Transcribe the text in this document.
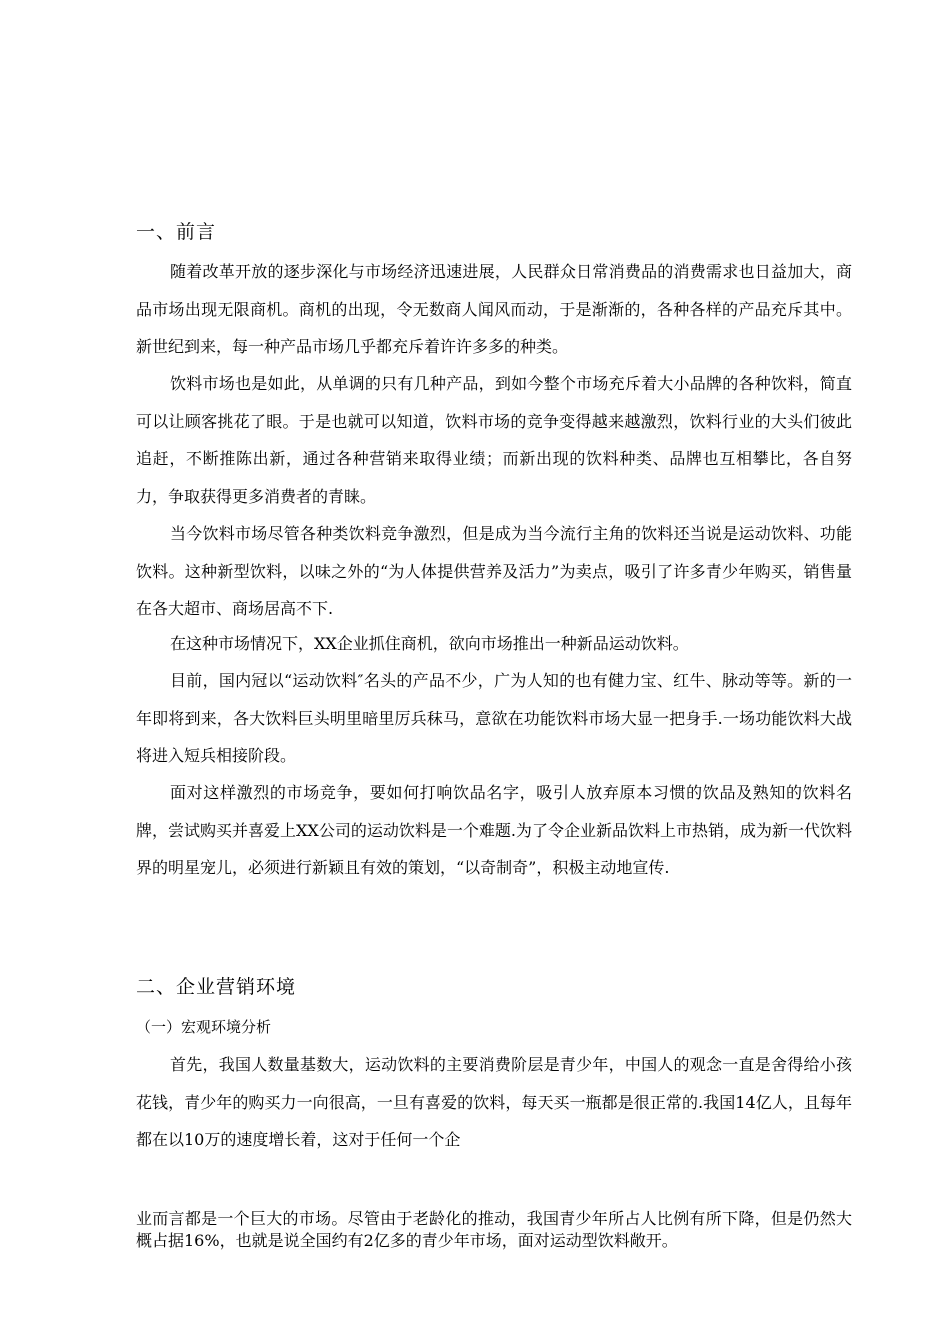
一、前言

随着改革开放的逐步深化与市场经济迅速进展，人民群众日常消费品的消费需求也日益加大，商品市场出现无限商机。商机的出现，令无数商人闻风而动，于是渐渐的，各种各样的产品充斥其中。新世纪到来，每一种产品市场几乎都充斥着许许多多的种类。

饮料市场也是如此，从单调的只有几种产品，到如今整个市场充斥着大小品牌的各种饮料，简直可以让顾客挑花了眼。于是也就可以知道，饮料市场的竞争变得越来越激烈，饮料行业的大头们彼此追赶，不断推陈出新，通过各种营销来取得业绩；而新出现的饮料种类、品牌也互相攀比，各自努力，争取获得更多消费者的青睐。

当今饮料市场尽管各种类饮料竞争激烈，但是成为当今流行主角的饮料还当说是运动饮料、功能饮料。这种新型饮料，以味之外的“为人体提供营养及活力”为卖点，吸引了许多青少年购买，销售量在各大超市、商场居高不下.

在这种市场情况下，XX企业抓住商机，欲向市场推出一种新品运动饮料。

目前，国内冠以“运动饮料″名头的产品不少，广为人知的也有健力宝、红牛、脉动等等。新的一年即将到来，各大饮料巨头明里暗里厉兵秣马，意欲在功能饮料市场大显一把身手.一场功能饮料大战将进入短兵相接阶段。

面对这样激烈的市场竞争，要如何打响饮品名字，吸引人放弃原本习惯的饮品及熟知的饮料名牌，尝试购买并喜爱上XX公司的运动饮料是一个难题.为了令企业新品饮料上市热销，成为新一代饮料界的明星宠儿，必须进行新颖且有效的策划，“以奇制奇”，积极主动地宣传.

二、企业营销环境
（一）宏观环境分析

首先，我国人数量基数大，运动饮料的主要消费阶层是青少年，中国人的观念一直是舍得给小孩花钱，青少年的购买力一向很高，一旦有喜爱的饮料，每天买一瓶都是很正常的.我国14亿人，且每年都在以10万的速度增长着，这对于任何一个企

业而言都是一个巨大的市场。尽管由于老龄化的推动，我国青少年所占人比例有所下降，但是仍然大概占据16%，也就是说全国约有2亿多的青少年市场，面对运动型饮料敞开。
